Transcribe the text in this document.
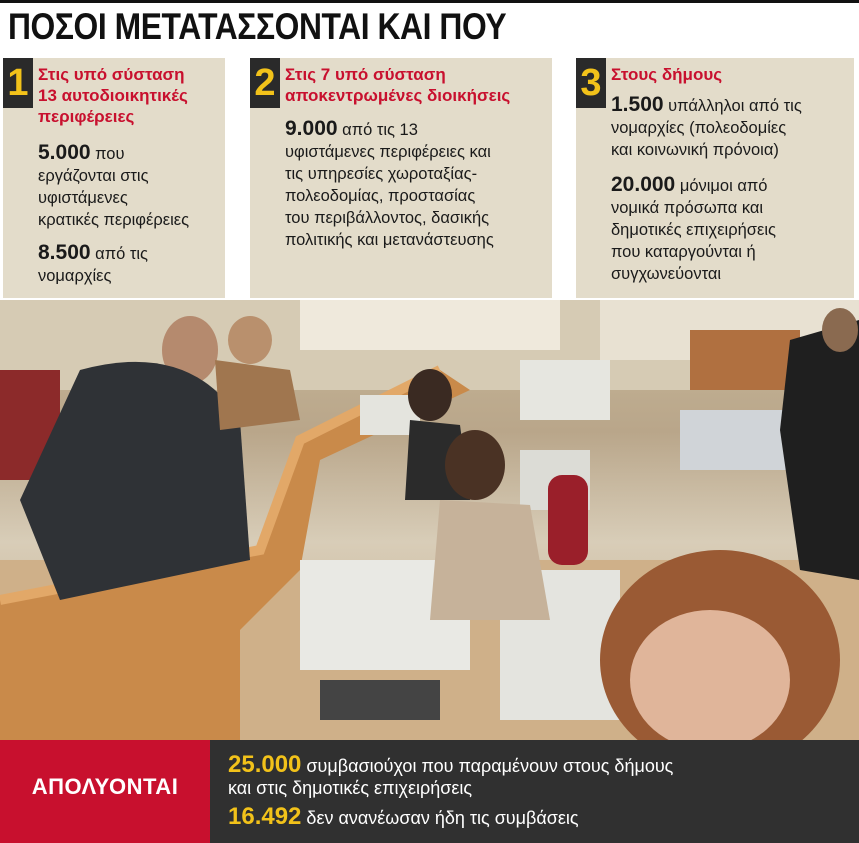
ΠΟΣΟΙ ΜΕΤΑΤΑΣΣΟΝΤΑΙ ΚΑΙ ΠΟΥ
1 Στις υπό σύσταση
13 αυτοδιοικητικές
περιφέρειες

5.000 που
εργάζονται στις
υφιστάμενες
κρατικές περιφέρειες

8.500 από τις
νομαρχίες

2 Στις 7 υπό σύσταση
αποκεντρωμένες διοικήσεις

9.000 από τις 13
υφιστάμενες περιφέρειες και
τις υπηρεσίες χωροταξίας-
πολεοδομίας, προστασίας
του περιβάλλοντος, δασικής
πολιτικής και μετανάστευσης

3 Στους δήμους

1.500 υπάλληλοι από τις
νομαρχίες (πολεοδομίες
και κοινωνική πρόνοια)

20.000 μόνιμοι από
νομικά πρόσωπα και
δημοτικές επιχειρήσεις
που καταργούνται ή
συγχωνεύονται

ΑΠΟΛΥΟΝΤΑΙ

25.000 συμβασιούχοι που παραμένουν στους δήμους
και στις δημοτικές επιχειρήσεις

16.492 δεν ανανέωσαν ήδη τις συμβάσεις
